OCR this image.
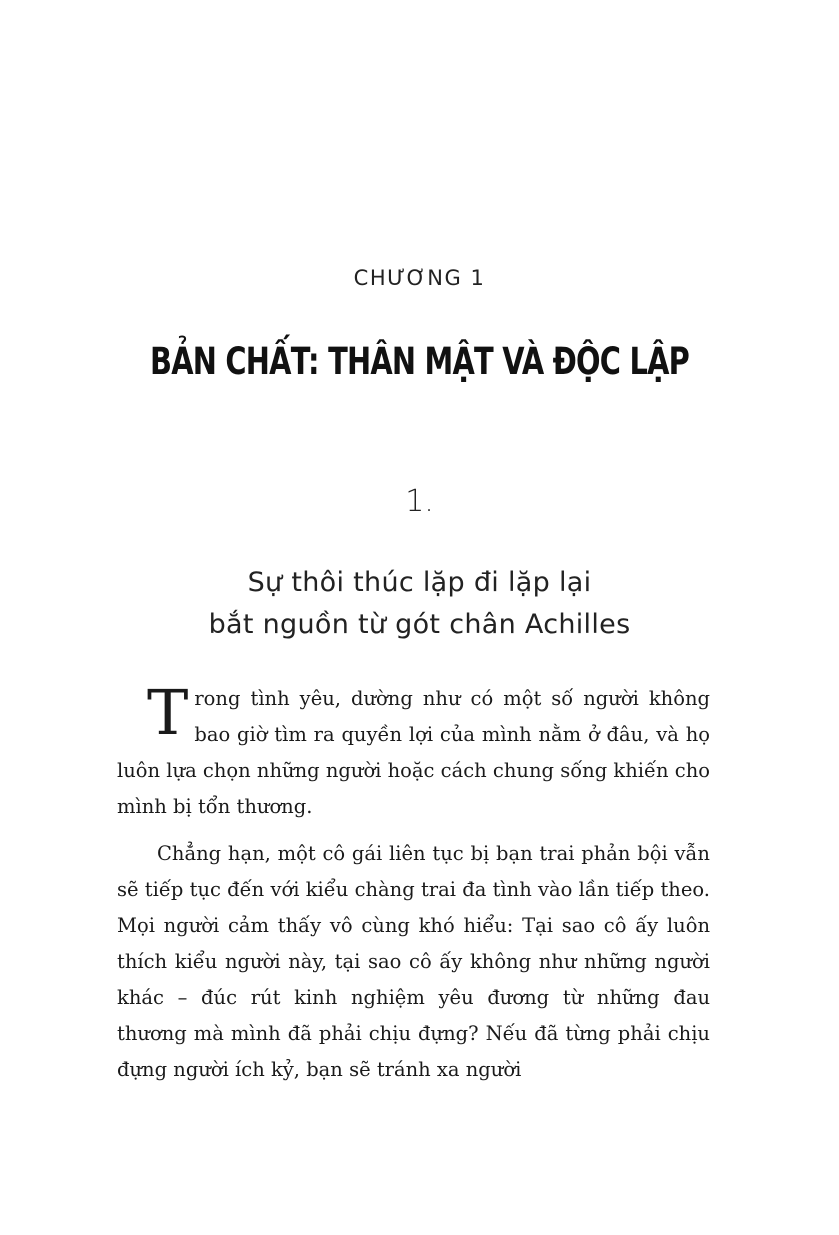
CHƯƠNG 1
BẢN CHẤT: THÂN MẬT VÀ ĐỘC LẬP
1.
Sự thôi thúc lặp đi lặp lại
bắt nguồn từ gót chân Achilles

Trong tình yêu, dường như có một số người không bao giờ tìm ra quyền lợi của mình nằm ở đâu, và họ luôn lựa chọn những người hoặc cách chung sống khiến cho mình bị tổn thương.

Chẳng hạn, một cô gái liên tục bị bạn trai phản bội vẫn sẽ tiếp tục đến với kiểu chàng trai đa tình vào lần tiếp theo. Mọi người cảm thấy vô cùng khó hiểu: Tại sao cô ấy luôn thích kiểu người này, tại sao cô ấy không như những người khác – đúc rút kinh nghiệm yêu đương từ những đau thương mà mình đã phải chịu đựng? Nếu đã từng phải chịu đựng người ích kỷ, bạn sẽ tránh xa người
